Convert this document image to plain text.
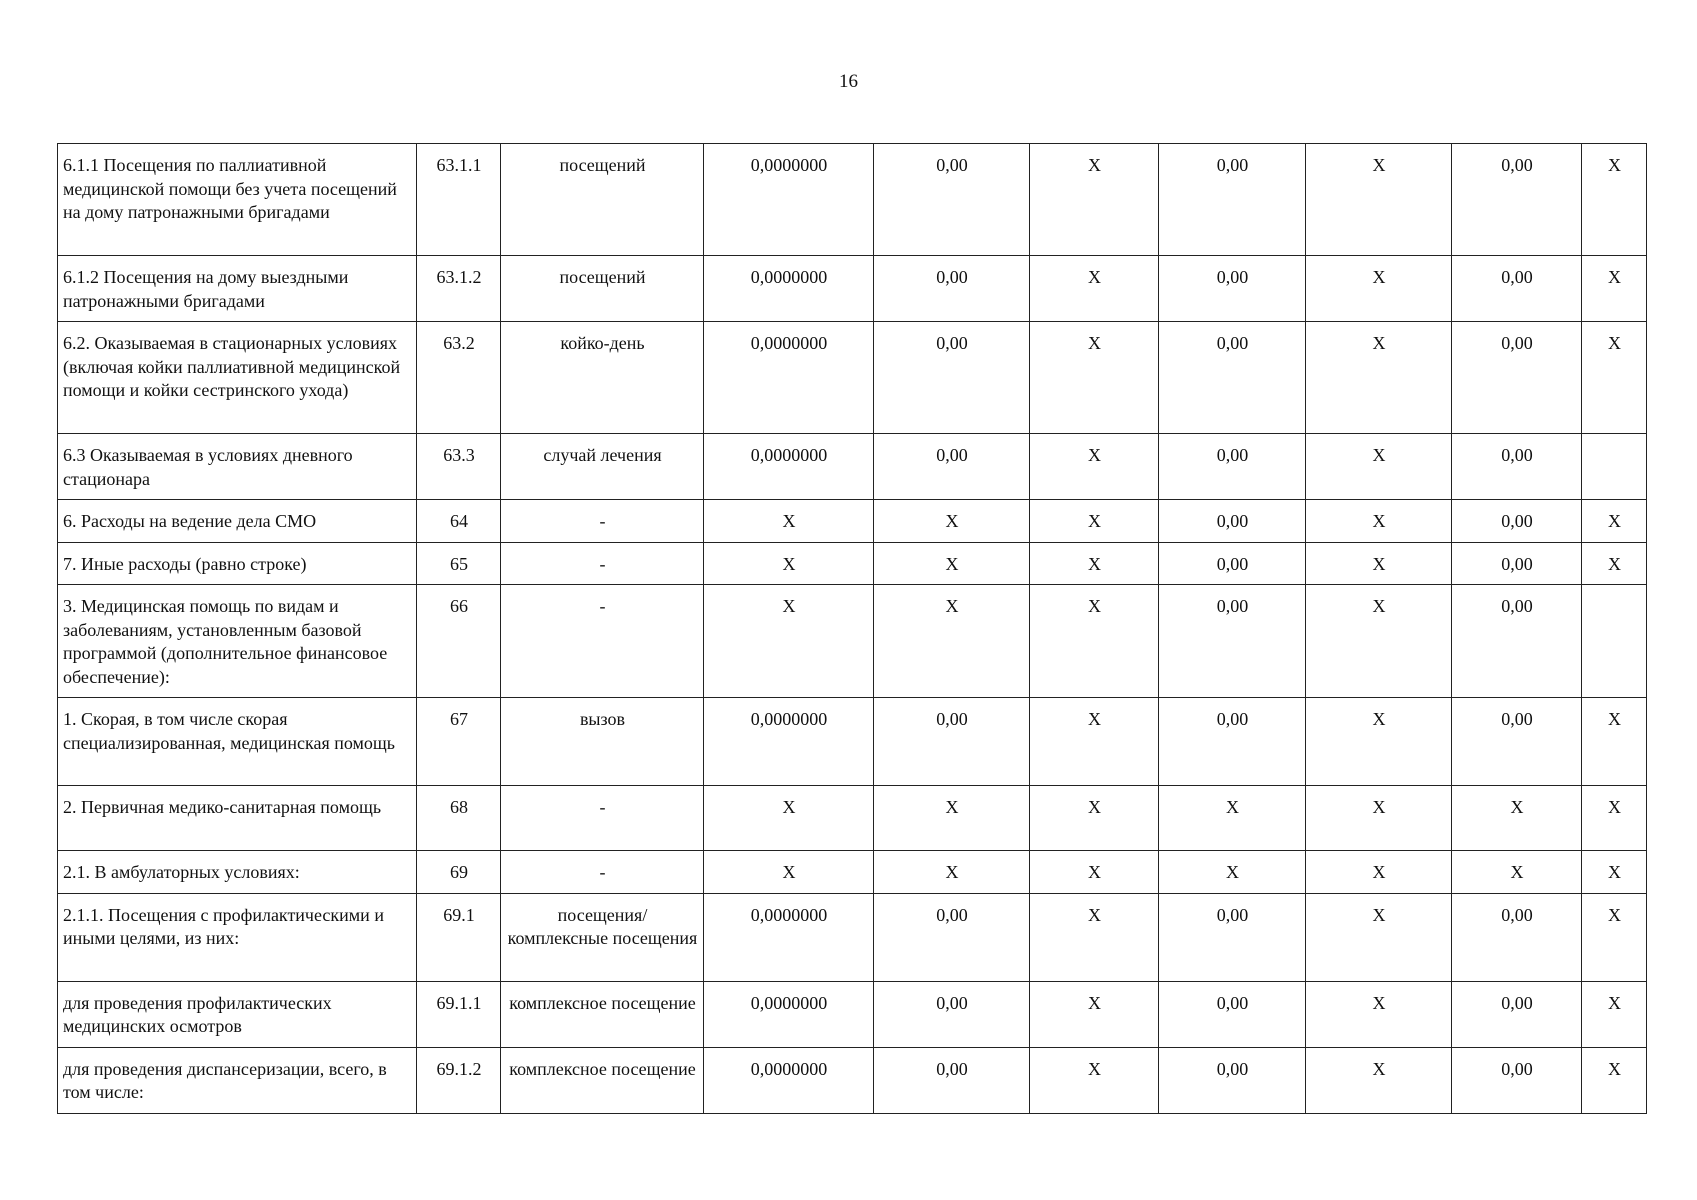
16
6.1.1 Посещения по паллиативной медицинской помощи без учета посещений на дому патронажными бригадами	63.1.1	посещений	0,0000000	0,00	X	0,00	X	0,00	X
6.1.2 Посещения на дому выездными патронажными бригадами	63.1.2	посещений	0,0000000	0,00	X	0,00	X	0,00	X
6.2. Оказываемая в стационарных условиях (включая койки паллиативной медицинской помощи и койки сестринского ухода)	63.2	койко-день	0,0000000	0,00	X	0,00	X	0,00	X
6.3 Оказываемая в условиях дневного стационара	63.3	случай лечения	0,0000000	0,00	X	0,00	X	0,00	
6. Расходы на ведение дела СМО	64	-	X	X	X	0,00	X	0,00	X
7. Иные расходы (равно строке)	65	-	X	X	X	0,00	X	0,00	X
3. Медицинская помощь по видам и заболеваниям, установленным базовой программой (дополнительное финансовое обеспечение):	66	-	X	X	X	0,00	X	0,00	
1. Скорая, в том числе скорая специализированная, медицинская помощь	67	вызов	0,0000000	0,00	X	0,00	X	0,00	X
2. Первичная медико-санитарная помощь	68	-	X	X	X	X	X	X	X
2.1. В амбулаторных условиях:	69	-	X	X	X	X	X	X	X
2.1.1. Посещения с профилактическими и иными целями, из них:	69.1	посещения/ комплексные посещения	0,0000000	0,00	X	0,00	X	0,00	X
для проведения профилактических медицинских осмотров	69.1.1	комплексное посещение	0,0000000	0,00	X	0,00	X	0,00	X
для проведения диспансеризации, всего, в том числе:	69.1.2	комплексное посещение	0,0000000	0,00	X	0,00	X	0,00	X
